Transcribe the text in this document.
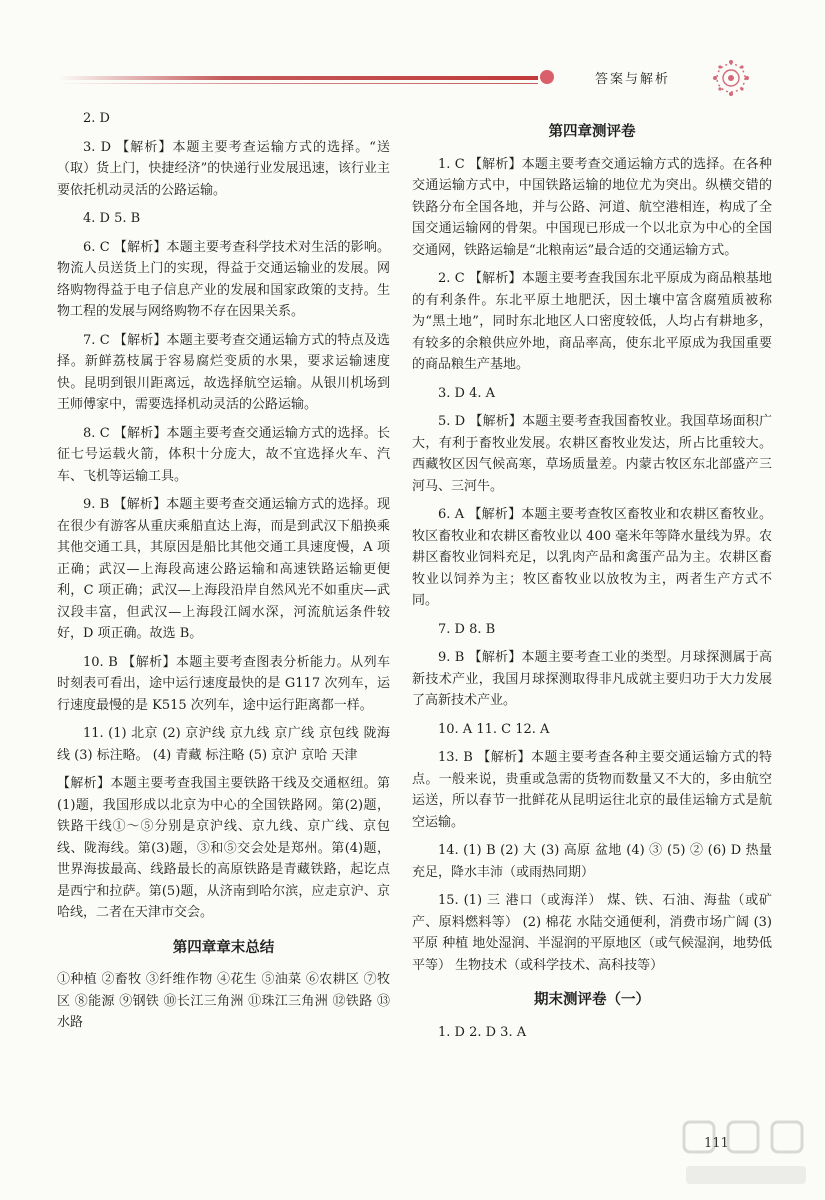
答案与解析

2. D

3. D 【解析】本题主要考查运输方式的选择。“送（取）货上门，快捷经济”的快递行业发展迅速，该行业主要依托机动灵活的公路运输。

4. D 5. B

6. C 【解析】本题主要考查科学技术对生活的影响。物流人员送货上门的实现，得益于交通运输业的发展。网络购物得益于电子信息产业的发展和国家政策的支持。生物工程的发展与网络购物不存在因果关系。

7. C 【解析】本题主要考查交通运输方式的特点及选择。新鲜荔枝属于容易腐烂变质的水果，要求运输速度快。昆明到银川距离远，故选择航空运输。从银川机场到王师傅家中，需要选择机动灵活的公路运输。

8. C 【解析】本题主要考查交通运输方式的选择。长征七号运载火箭，体积十分庞大，故不宜选择火车、汽车、飞机等运输工具。

9. B 【解析】本题主要考查交通运输方式的选择。现在很少有游客从重庆乘船直达上海，而是到武汉下船换乘其他交通工具，其原因是船比其他交通工具速度慢，A 项正确；武汉—上海段高速公路运输和高速铁路运输更便利，C 项正确；武汉—上海段沿岸自然风光不如重庆—武汉段丰富，但武汉—上海段江阔水深，河流航运条件较好，D 项正确。故选 B。

10. B 【解析】本题主要考查图表分析能力。从列车时刻表可看出，途中运行速度最快的是 G117 次列车，运行速度最慢的是 K515 次列车，途中运行距离都一样。

11. (1) 北京 (2) 京沪线 京九线 京广线 京包线 陇海线 (3) 标注略。 (4) 青藏 标注略 (5) 京沪 京哈 天津

【解析】本题主要考查我国主要铁路干线及交通枢纽。第(1)题，我国形成以北京为中心的全国铁路网。第(2)题，铁路干线①～⑤分别是京沪线、京九线、京广线、京包线、陇海线。第(3)题，③和⑤交会处是郑州。第(4)题，世界海拔最高、线路最长的高原铁路是青藏铁路，起讫点是西宁和拉萨。第(5)题，从济南到哈尔滨，应走京沪、京哈线，二者在天津市交会。

第四章章末总结

①种植 ②畜牧 ③纤维作物 ④花生 ⑤油菜 ⑥农耕区 ⑦牧区 ⑧能源 ⑨钢铁 ⑩长江三角洲 ⑪珠江三角洲 ⑫铁路 ⑬水路

第四章测评卷

1. C 【解析】本题主要考查交通运输方式的选择。在各种交通运输方式中，中国铁路运输的地位尤为突出。纵横交错的铁路分布全国各地，并与公路、河道、航空港相连，构成了全国交通运输网的骨架。中国现已形成一个以北京为中心的全国交通网，铁路运输是“北粮南运”最合适的交通运输方式。

2. C 【解析】本题主要考查我国东北平原成为商品粮基地的有利条件。东北平原土地肥沃，因土壤中富含腐殖质被称为“黑土地”，同时东北地区人口密度较低，人均占有耕地多，有较多的余粮供应外地，商品率高，使东北平原成为我国重要的商品粮生产基地。

3. D 4. A

5. D 【解析】本题主要考查我国畜牧业。我国草场面积广大，有利于畜牧业发展。农耕区畜牧业发达，所占比重较大。西藏牧区因气候高寒，草场质量差。内蒙古牧区东北部盛产三河马、三河牛。

6. A 【解析】本题主要考查牧区畜牧业和农耕区畜牧业。牧区畜牧业和农耕区畜牧业以 400 毫米年等降水量线为界。农耕区畜牧业饲料充足，以乳肉产品和禽蛋产品为主。农耕区畜牧业以饲养为主；牧区畜牧业以放牧为主，两者生产方式不同。

7. D 8. B

9. B 【解析】本题主要考查工业的类型。月球探测属于高新技术产业，我国月球探测取得非凡成就主要归功于大力发展了高新技术产业。

10. A 11. C 12. A

13. B 【解析】本题主要考查各种主要交通运输方式的特点。一般来说，贵重或急需的货物而数量又不大的，多由航空运送，所以春节一批鲜花从昆明运往北京的最佳运输方式是航空运输。

14. (1) B (2) 大 (3) 高原 盆地 (4) ③ (5) ② (6) D 热量充足，降水丰沛（或雨热同期）

15. (1) 三 港口（或海洋） 煤、铁、石油、海盐（或矿产、原料燃料等） (2) 棉花 水陆交通便利，消费市场广阔 (3) 平原 种植 地处湿润、半湿润的平原地区（或气候湿润，地势低平等） 生物技术（或科学技术、高科技等）

期末测评卷（一）

1. D 2. D 3. A

111
